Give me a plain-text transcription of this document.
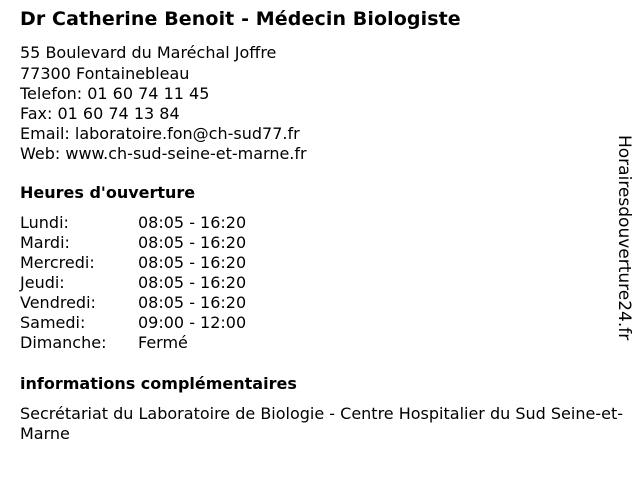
Dr Catherine Benoit - Médecin Biologiste
55 Boulevard du Maréchal Joffre
77300 Fontainebleau
Telefon: 01 60 74 11 45
Fax: 01 60 74 13 84
Email: laboratoire.fon@ch-sud77.fr
Web: www.ch-sud-seine-et-marne.fr
Heures d'ouverture
Lundi:	08:05 - 16:20
Mardi:	08:05 - 16:20
Mercredi:	08:05 - 16:20
Jeudi:	08:05 - 16:20
Vendredi:	08:05 - 16:20
Samedi:	09:00 - 12:00
Dimanche: Fermé
informations complémentaires
Secrétariat du Laboratoire de Biologie - Centre Hospitalier du Sud Seine-et-Marne
Horairesdouverture24.fr
